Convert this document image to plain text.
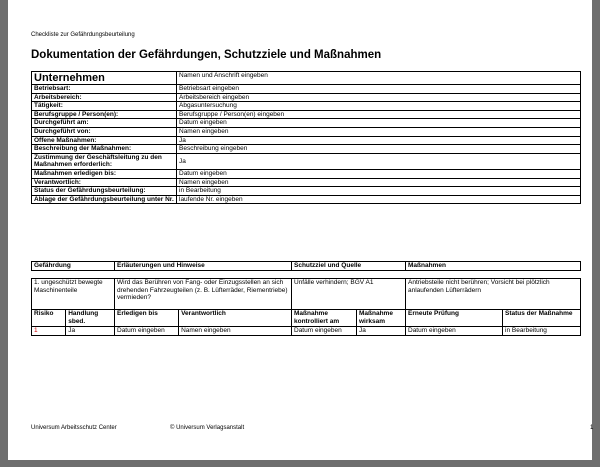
Checkliste zur Gefährdungsbeurteilung
Dokumentation der Gefährdungen, Schutzziele und Maßnahmen
Unternehmen	Namen und Anschrift eingeben
Betriebsart:	Betriebsart eingeben
Arbeitsbereich:	Arbeitsbereich eingeben
Tätigkeit:	Abgasuntersuchung
Berufsgruppe / Person(en):	Berufsgruppe / Person(en) eingeben
Durchgeführt am:	Datum eingeben
Durchgeführt von:	Namen eingeben
Offene Maßnahmen:	Ja
Beschreibung der Maßnahmen:	Beschreibung eingeben
Zustimmung der Geschäftsleitung zu den Maßnahmen erforderlich:	Ja
Maßnahmen erledigen bis:	Datum eingeben
Verantwortlich:	Namen eingeben
Status der Gefährdungsbeurteilung:	in Bearbeitung
Ablage der Gefährdungsbeurteilung unter Nr.	laufende Nr. eingeben
Gefährdung	Erläuterungen und Hinweise	Schutzziel und Quelle	Maßnahmen
1. ungeschützt bewegte Maschinenteile		Wird das Berühren von Fang- oder Einzugsstellen an sich drehenden Fahrzeugteilen (z. B. Lüfterräder, Riementriebe) vermieden?		Unfälle verhindern; BGV A1		Antriebsteile nicht berühren; Vorsicht bei plötzlich anlaufenden Lüfterrädern	
Risiko	Handlung sbed.	Erledigen bis	Verantwortlich	Maßnahme kontrolliert am	Maßnahme wirksam	Erneute Prüfung	Status der Maßnahme
1	Ja	Datum eingeben	Namen eingeben	Datum eingeben	Ja	Datum eingeben	in Bearbeitung
Universum Arbeitsschutz Center	© Universum Verlagsanstalt	1
